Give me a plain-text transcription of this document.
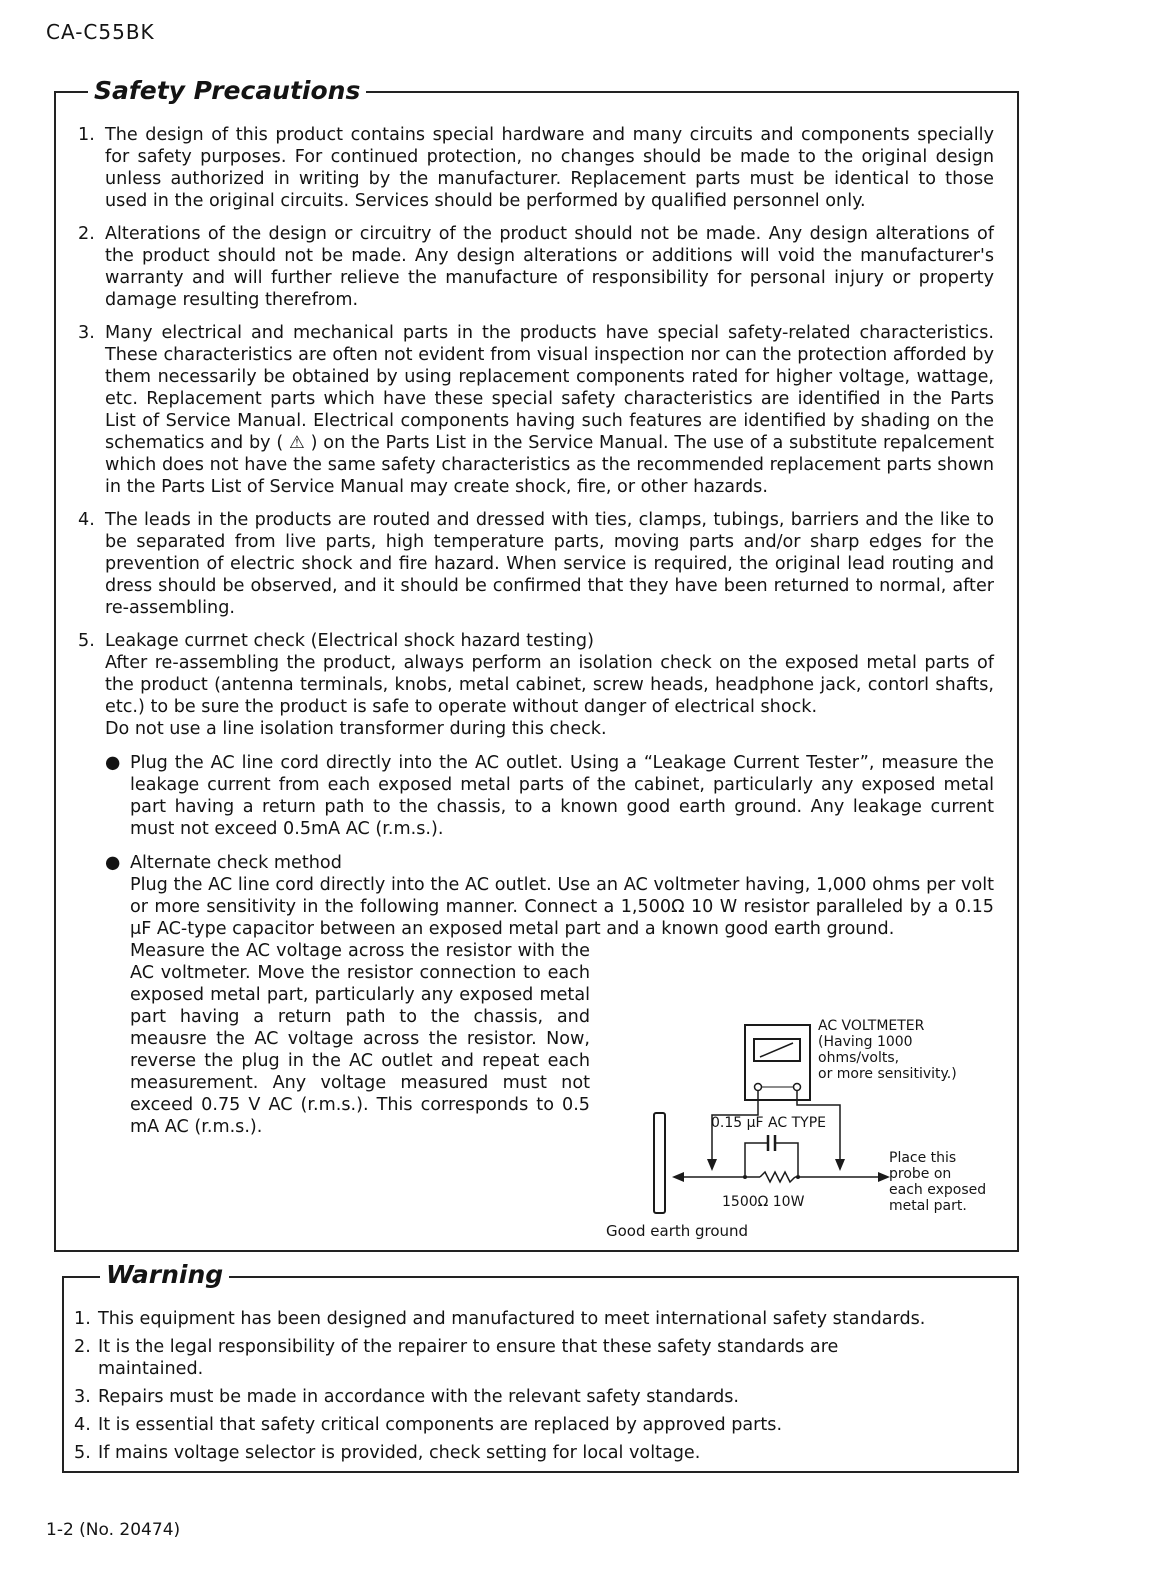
CA-C55BK
Safety Precautions
1. The design of this product contains special hardware and many circuits and components specially for safety purposes. For continued protection, no changes should be made to the original design unless authorized in writing by the manufacturer. Replacement parts must be identical to those used in the original circuits. Services should be performed by qualified personnel only.
2. Alterations of the design or circuitry of the product should not be made. Any design alterations of the product should not be made. Any design alterations or additions will void the manufacturer's warranty and will further relieve the manufacture of responsibility for personal injury or property damage resulting therefrom.
3. Many electrical and mechanical parts in the products have special safety-related characteristics. These characteristics are often not evident from visual inspection nor can the protection afforded by them necessarily be obtained by using replacement components rated for higher voltage, wattage, etc. Replacement parts which have these special safety characteristics are identified in the Parts List of Service Manual. Electrical components having such features are identified by shading on the schematics and by ( ⚠ ) on the Parts List in the Service Manual. The use of a substitute repalcement which does not have the same safety characteristics as the recommended replacement parts shown in the Parts List of Service Manual may create shock, fire, or other hazards.
4. The leads in the products are routed and dressed with ties, clamps, tubings, barriers and the like to be separated from live parts, high temperature parts, moving parts and/or sharp edges for the prevention of electric shock and fire hazard. When service is required, the original lead routing and dress should be observed, and it should be confirmed that they have been returned to normal, after re-assembling.
5. Leakage currnet check (Electrical shock hazard testing)
After re-assembling the product, always perform an isolation check on the exposed metal parts of the product (antenna terminals, knobs, metal cabinet, screw heads, headphone jack, contorl shafts, etc.) to be sure the product is safe to operate without danger of electrical shock.
Do not use a line isolation transformer during this check.
● Plug the AC line cord directly into the AC outlet. Using a “Leakage Current Tester”, measure the leakage current from each exposed metal parts of the cabinet, particularly any exposed metal part having a return path to the chassis, to a known good earth ground. Any leakage current must not exceed 0.5mA AC (r.m.s.).
● Alternate check method
Plug the AC line cord directly into the AC outlet. Use an AC voltmeter having, 1,000 ohms per volt or more sensitivity in the following manner. Connect a 1,500Ω 10 W resistor paralleled by a 0.15 μF AC-type capacitor between an exposed metal part and a known good earth ground.
Measure the AC voltage across the resistor with the AC voltmeter. Move the resistor connection to each exposed metal part, particularly any exposed metal part having a return path to the chassis, and meausre the AC voltage across the resistor. Now, reverse the plug in the AC outlet and repeat each measurement. Any voltage measured must not exceed 0.75 V AC (r.m.s.). This corresponds to 0.5 mA AC (r.m.s.).
AC VOLTMETER
(Having 1000
ohms/volts,
or more sensitivity.)
0.15 μF AC TYPE
1500Ω 10W
Place this
probe on
each exposed
metal part.
Good earth ground
Warning
1. This equipment has been designed and manufactured to meet international safety standards.
2. It is the legal responsibility of the repairer to ensure that these safety standards are maintained.
3. Repairs must be made in accordance with the relevant safety standards.
4. It is essential that safety critical components are replaced by approved parts.
5. If mains voltage selector is provided, check setting for local voltage.
1-2 (No. 20474)
